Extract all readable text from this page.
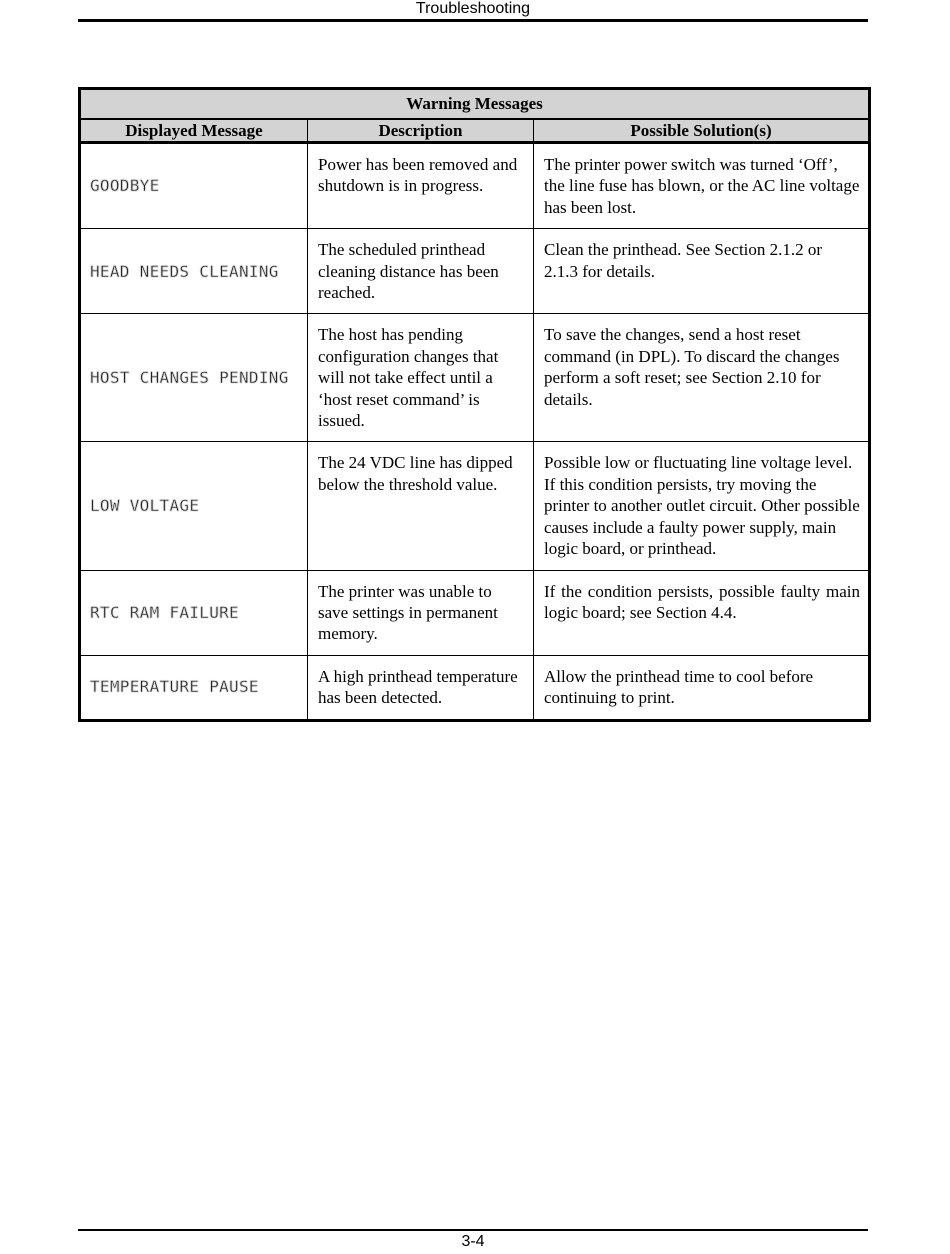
Troubleshooting
Warning Messages		
Displayed Message	Description	Possible Solution(s)
GOODBYE	Power has been removed and shutdown is in progress.	The printer power switch was turned ‘Off’, the line fuse has blown, or the AC line voltage has been lost.
HEAD NEEDS CLEANING	The scheduled printhead cleaning distance has been reached.	Clean the printhead. See Section 2.1.2 or 2.1.3 for details.
HOST CHANGES PENDING	The host has pending configuration changes that will not take effect until a ‘host reset command’ is issued.	To save the changes, send a host reset command (in DPL). To discard the changes perform a soft reset; see Section 2.10 for details.
LOW VOLTAGE	The 24 VDC line has dipped below the threshold value.	Possible low or fluctuating line voltage level. If this condition persists, try moving the printer to another outlet circuit. Other possible causes include a faulty power supply, main logic board, or printhead.
RTC RAM FAILURE	The printer was unable to save settings in permanent memory.	If the condition persists, possible faulty main logic board; see Section 4.4.
TEMPERATURE PAUSE	A high printhead temperature has been detected.	Allow the printhead time to cool before continuing to print.
3-4
